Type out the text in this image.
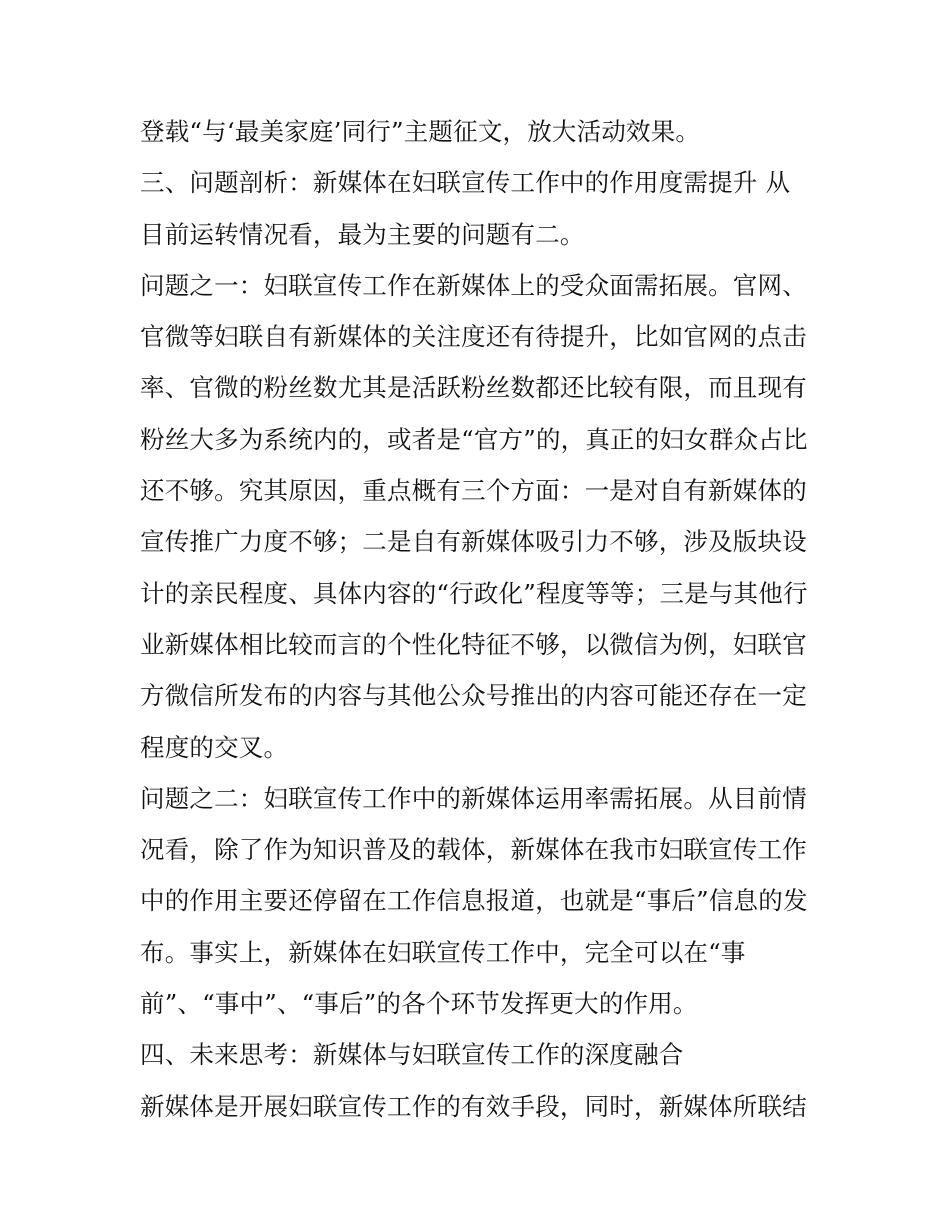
登载“与‘最美家庭’同行”主题征文，放大活动效果。
三、问题剖析：新媒体在妇联宣传工作中的作用度需提升 从
目前运转情况看，最为主要的问题有二。
问题之一：妇联宣传工作在新媒体上的受众面需拓展。官网、
官微等妇联自有新媒体的关注度还有待提升，比如官网的点击
率、官微的粉丝数尤其是活跃粉丝数都还比较有限，而且现有
粉丝大多为系统内的，或者是“官方”的，真正的妇女群众占比
还不够。究其原因，重点概有三个方面：一是对自有新媒体的
宣传推广力度不够；二是自有新媒体吸引力不够，涉及版块设
计的亲民程度、具体内容的“行政化”程度等等；三是与其他行
业新媒体相比较而言的个性化特征不够，以微信为例，妇联官
方微信所发布的内容与其他公众号推出的内容可能还存在一定
程度的交叉。
问题之二：妇联宣传工作中的新媒体运用率需拓展。从目前情
况看，除了作为知识普及的载体，新媒体在我市妇联宣传工作
中的作用主要还停留在工作信息报道，也就是“事后”信息的发
布。事实上，新媒体在妇联宣传工作中，完全可以在“事
前”、“事中”、“事后”的各个环节发挥更大的作用。
四、未来思考：新媒体与妇联宣传工作的深度融合
新媒体是开展妇联宣传工作的有效手段，同时，新媒体所联结
